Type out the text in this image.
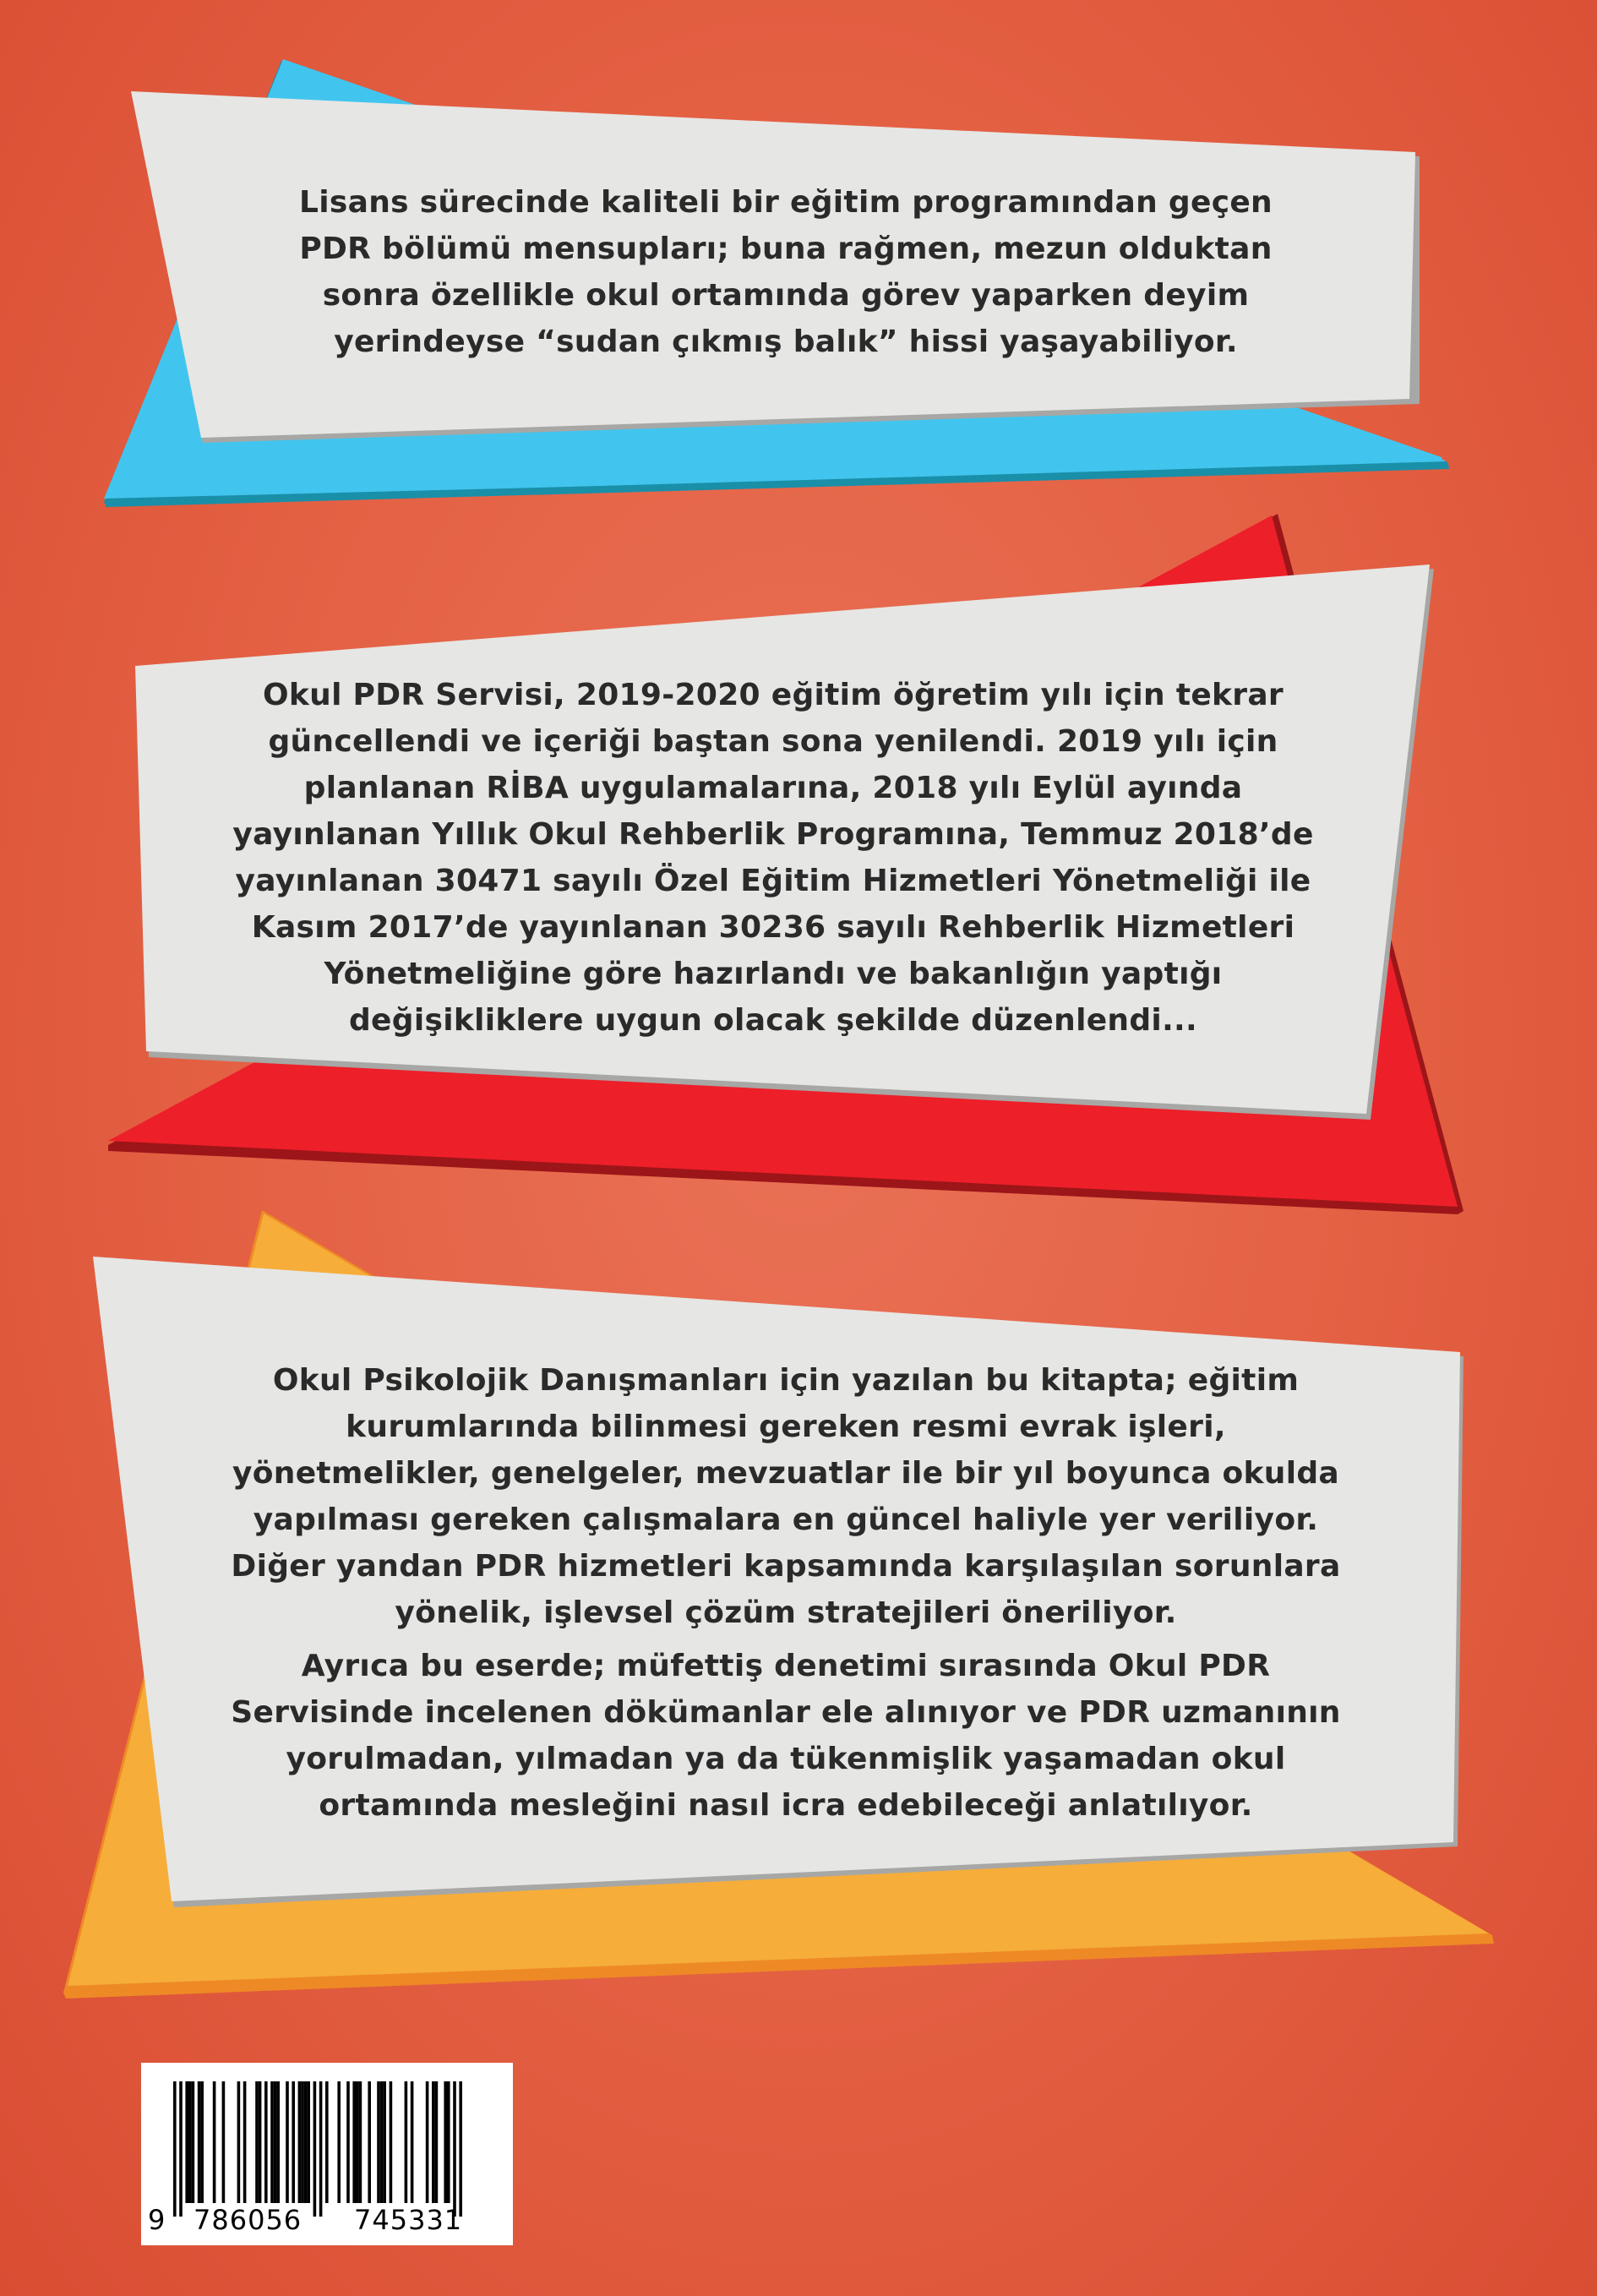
Lisans sürecinde kaliteli bir eğitim programından geçen

PDR bölümü mensupları; buna rağmen, mezun olduktan

sonra özellikle okul ortamında görev yaparken deyim

yerindeyse “sudan çıkmış balık” hissi yaşayabiliyor.

Okul PDR Servisi, 2019-2020 eğitim öğretim yılı için tekrar

güncellendi ve içeriği baştan sona yenilendi. 2019 yılı için

planlanan RİBA uygulamalarına, 2018 yılı Eylül ayında

yayınlanan Yıllık Okul Rehberlik Programına, Temmuz 2018’de

yayınlanan 30471 sayılı Özel Eğitim Hizmetleri Yönetmeliği ile

Kasım 2017’de yayınlanan 30236 sayılı Rehberlik Hizmetleri

Yönetmeliğine göre hazırlandı ve bakanlığın yaptığı

değişikliklere uygun olacak şekilde düzenlendi...

Okul Psikolojik Danışmanları için yazılan bu kitapta; eğitim

kurumlarında bilinmesi gereken resmi evrak işleri,

yönetmelikler, genelgeler, mevzuatlar ile bir yıl boyunca okulda

yapılması gereken çalışmalara en güncel haliyle yer veriliyor.

Diğer yandan PDR hizmetleri kapsamında karşılaşılan sorunlara

yönelik, işlevsel çözüm stratejileri öneriliyor.

Ayrıca bu eserde; müfettiş denetimi sırasında Okul PDR

Servisinde incelenen dökümanlar ele alınıyor ve PDR uzmanının

yorulmadan, yılmadan ya da tükenmişlik yaşamadan okul

ortamında mesleğini nasıl icra edebileceği anlatılıyor.

9 786056 745331
